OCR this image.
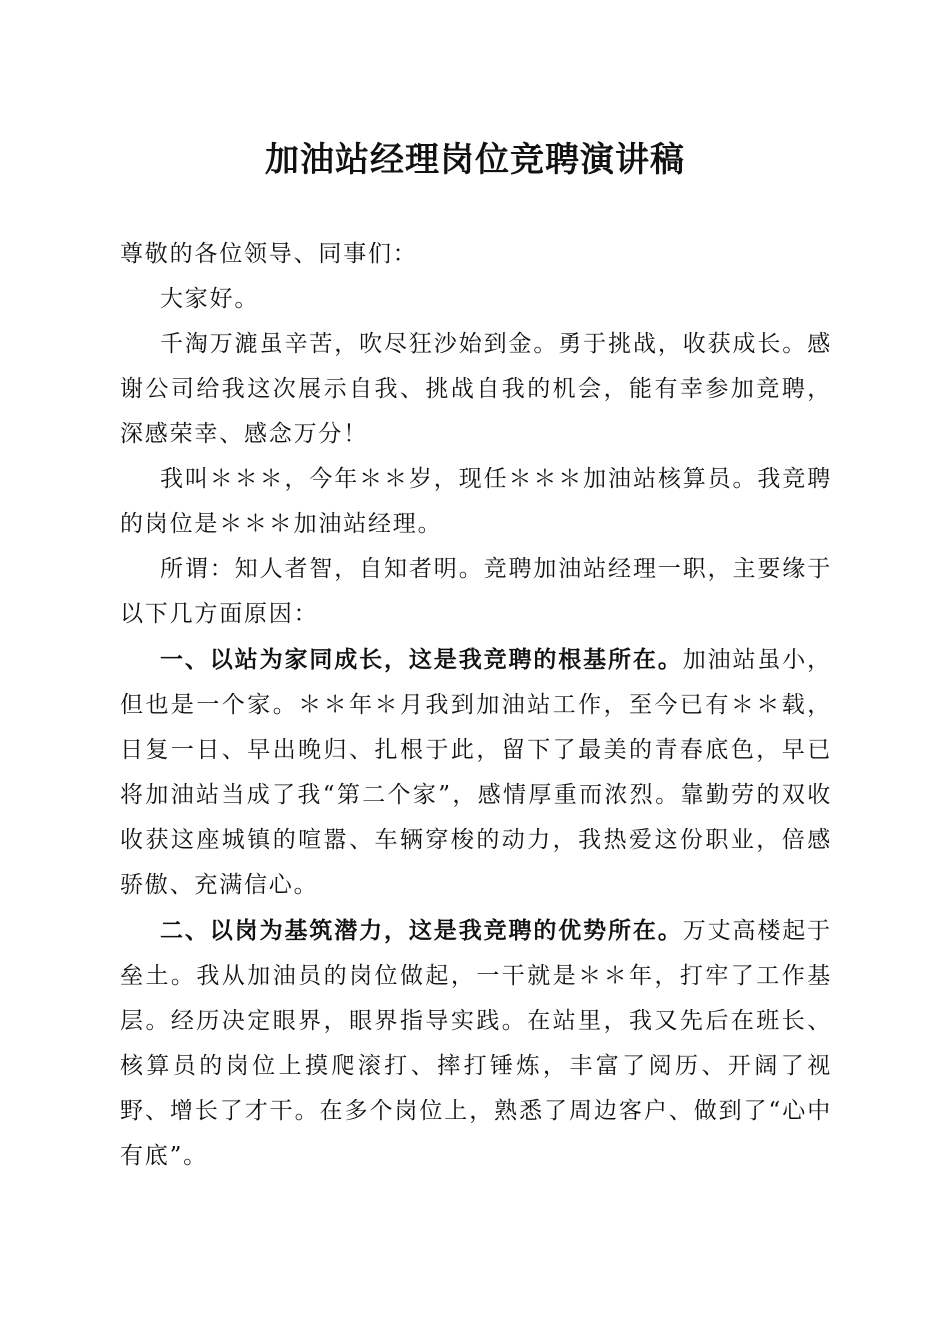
加油站经理岗位竞聘演讲稿

尊敬的各位领导、同事们：

大家好。

千淘万漉虽辛苦，吹尽狂沙始到金。勇于挑战，收获成长。感谢公司给我这次展示自我、挑战自我的机会，能有幸参加竞聘，深感荣幸、感念万分！

我叫＊＊＊，今年＊＊岁，现任＊＊＊加油站核算员。我竞聘的岗位是＊＊＊加油站经理。

所谓：知人者智，自知者明。竞聘加油站经理一职，主要缘于以下几方面原因：

一、以站为家同成长，这是我竞聘的根基所在。加油站虽小，但也是一个家。＊＊年＊月我到加油站工作，至今已有＊＊载，日复一日、早出晚归、扎根于此，留下了最美的青春底色，早已将加油站当成了我“第二个家”，感情厚重而浓烈。靠勤劳的双收收获这座城镇的喧嚣、车辆穿梭的动力，我热爱这份职业，倍感骄傲、充满信心。

二、以岗为基筑潜力，这是我竞聘的优势所在。万丈高楼起于垒土。我从加油员的岗位做起，一干就是＊＊年，打牢了工作基层。经历决定眼界，眼界指导实践。在站里，我又先后在班长、核算员的岗位上摸爬滚打、摔打锤炼，丰富了阅历、开阔了视野、增长了才干。在多个岗位上，熟悉了周边客户、做到了“心中有底”。
